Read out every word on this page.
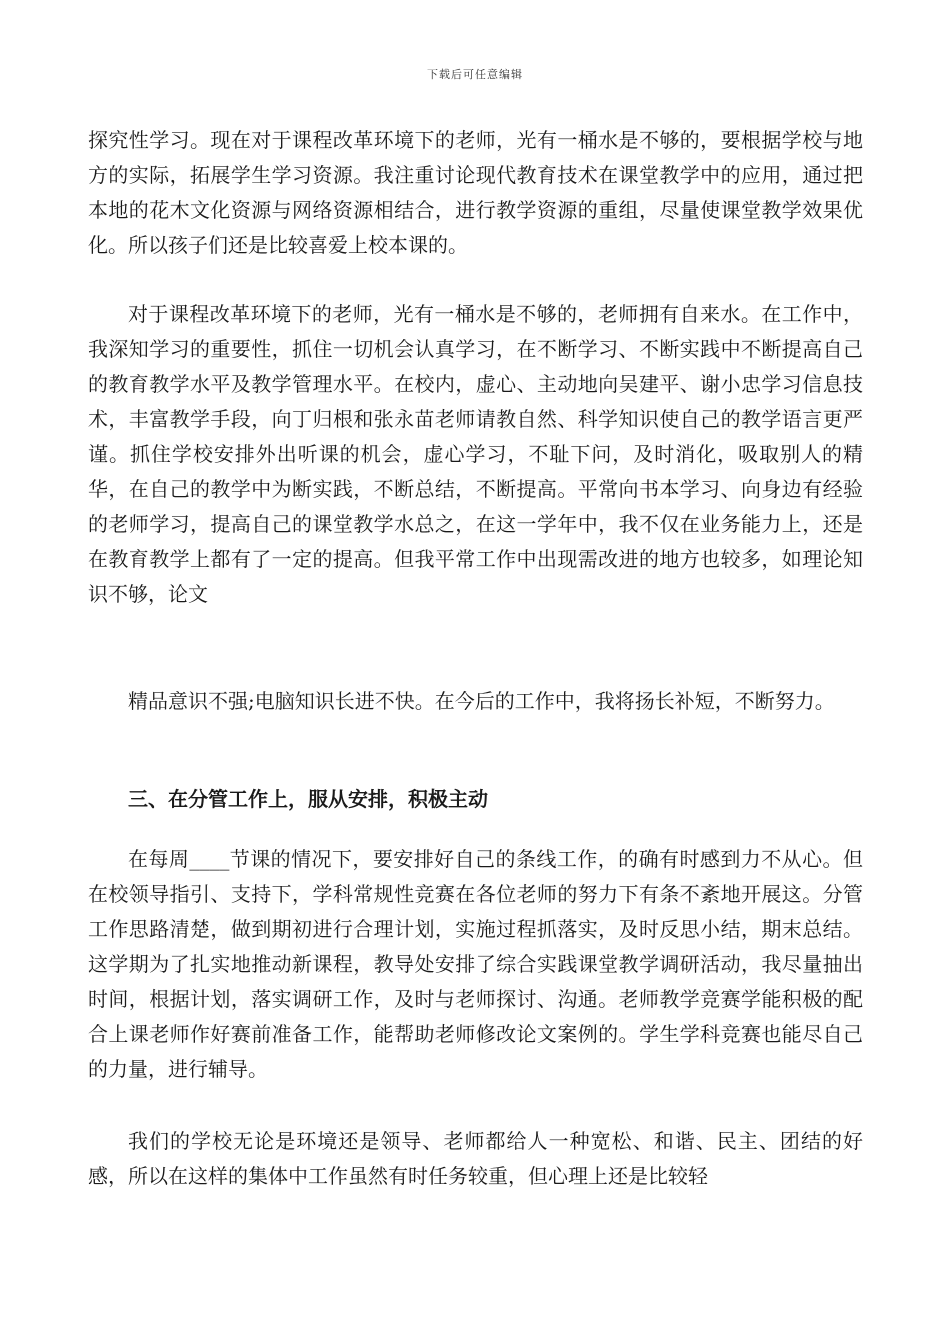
下载后可任意编辑

探究性学习。现在对于课程改革环境下的老师，光有一桶水是不够的，要根据学校与地方的实际，拓展学生学习资源。我注重讨论现代教育技术在课堂教学中的应用，通过把本地的花木文化资源与网络资源相结合，进行教学资源的重组，尽量使课堂教学效果优化。所以孩子们还是比较喜爱上校本课的。

对于课程改革环境下的老师，光有一桶水是不够的，老师拥有自来水。在工作中，我深知学习的重要性，抓住一切机会认真学习，在不断学习、不断实践中不断提高自己的教育教学水平及教学管理水平。在校内，虚心、主动地向吴建平、谢小忠学习信息技术，丰富教学手段，向丁归根和张永苗老师请教自然、科学知识使自己的教学语言更严谨。抓住学校安排外出听课的机会，虚心学习，不耻下问，及时消化，吸取别人的精华，在自己的教学中为断实践，不断总结，不断提高。平常向书本学习、向身边有经验的老师学习，提高自己的课堂教学水总之，在这一学年中，我不仅在业务能力上，还是在教育教学上都有了一定的提高。但我平常工作中出现需改进的地方也较多，如理论知识不够，论文

精品意识不强;电脑知识长进不快。在今后的工作中，我将扬长补短，不断努力。

三、在分管工作上，服从安排，积极主动

在每周____节课的情况下，要安排好自己的条线工作，的确有时感到力不从心。但在校领导指引、支持下，学科常规性竞赛在各位老师的努力下有条不紊地开展这。分管工作思路清楚，做到期初进行合理计划，实施过程抓落实，及时反思小结，期末总结。这学期为了扎实地推动新课程，教导处安排了综合实践课堂教学调研活动，我尽量抽出时间，根据计划，落实调研工作，及时与老师探讨、沟通。老师教学竞赛学能积极的配合上课老师作好赛前准备工作，能帮助老师修改论文案例的。学生学科竞赛也能尽自己的力量，进行辅导。

我们的学校无论是环境还是领导、老师都给人一种宽松、和谐、民主、团结的好感，所以在这样的集体中工作虽然有时任务较重，但心理上还是比较轻
